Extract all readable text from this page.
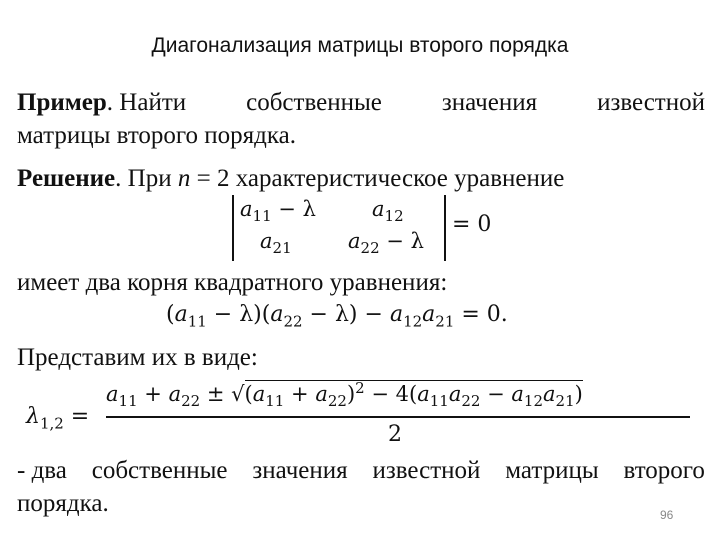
Диагонализация матрицы второго порядка
Пример. Найти собственные значения известной
матрицы второго порядка.
Решение. При n = 2 характеристическое уравнение
$a_{11} - \lambda$	$a_{12}$
$a_{21}$	$a_{22} - \lambda$
= 0
имеет два корня квадратного уравнения:
$(a_{11} - \lambda)(a_{22} - \lambda) - a_{12}a_{21} = 0$.
Представим их в виде:
$\lambda_{1,2}$ =
$a_{11} + a_{22} \pm √(a_{11} + a_{22})^2 - 4(a_{11}a_{22} - a_{12}a_{21})$
2
- два собственные значения известной матрицы второго
порядка.	96
